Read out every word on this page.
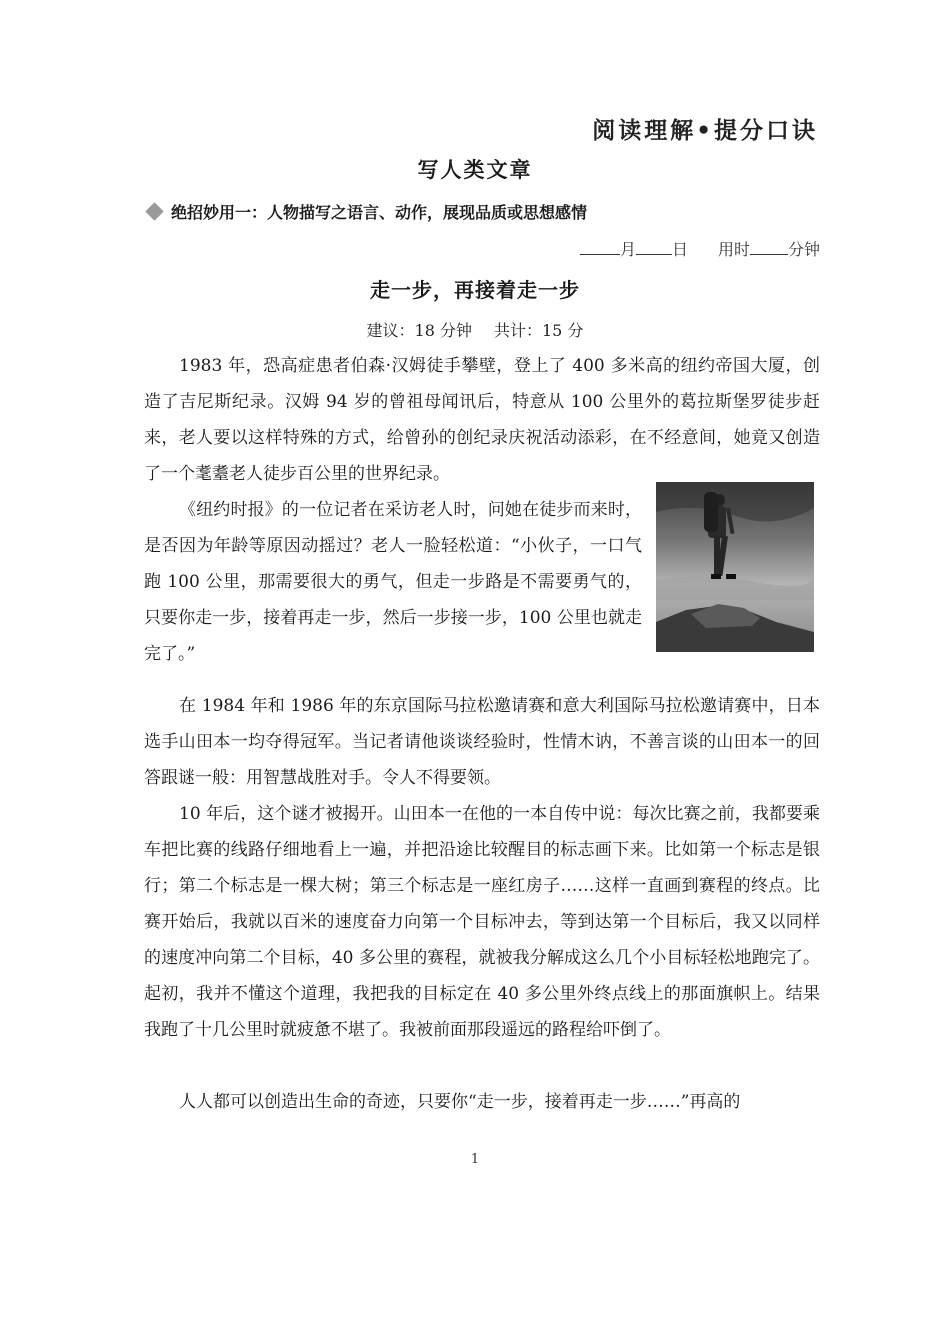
阅读理解•提分口诀
写人类文章
绝招妙用一：人物描写之语言、动作，展现品质或思想感情
月 日 用时 分钟
走一步，再接着走一步
建议：18 分钟 共计：15 分

1983 年，恐高症患者伯森·汉姆徒手攀壁，登上了 400 多米高的纽约帝国大厦，创造了吉尼斯纪录。汉姆 94 岁的曾祖母闻讯后，特意从 100 公里外的葛拉斯堡罗徒步赶来，老人要以这样特殊的方式，给曾孙的创纪录庆祝活动添彩，在不经意间，她竟又创造了一个耄耋老人徒步百公里的世界纪录。

《纽约时报》的一位记者在采访老人时，问她在徒步而来时，是否因为年龄等原因动摇过？老人一脸轻松道：“小伙子，一口气跑 100 公里，那需要很大的勇气，但走一步路是不需要勇气的，只要你走一步，接着再走一步，然后一步接一步，100 公里也就走完了。”

在 1984 年和 1986 年的东京国际马拉松邀请赛和意大利国际马拉松邀请赛中，日本选手山田本一均夺得冠军。当记者请他谈谈经验时，性情木讷，不善言谈的山田本一的回答跟谜一般：用智慧战胜对手。令人不得要领。

10 年后，这个谜才被揭开。山田本一在他的一本自传中说：每次比赛之前，我都要乘车把比赛的线路仔细地看上一遍，并把沿途比较醒目的标志画下来。比如第一个标志是银行；第二个标志是一棵大树；第三个标志是一座红房子……这样一直画到赛程的终点。比赛开始后，我就以百米的速度奋力向第一个目标冲去，等到达第一个目标后，我又以同样的速度冲向第二个目标，40 多公里的赛程，就被我分解成这么几个小目标轻松地跑完了。起初，我并不懂这个道理，我把我的目标定在 40 多公里外终点线上的那面旗帜上。结果我跑了十几公里时就疲惫不堪了。我被前面那段遥远的路程给吓倒了。

人人都可以创造出生命的奇迹，只要你“走一步，接着再走一步……”再高的

1
